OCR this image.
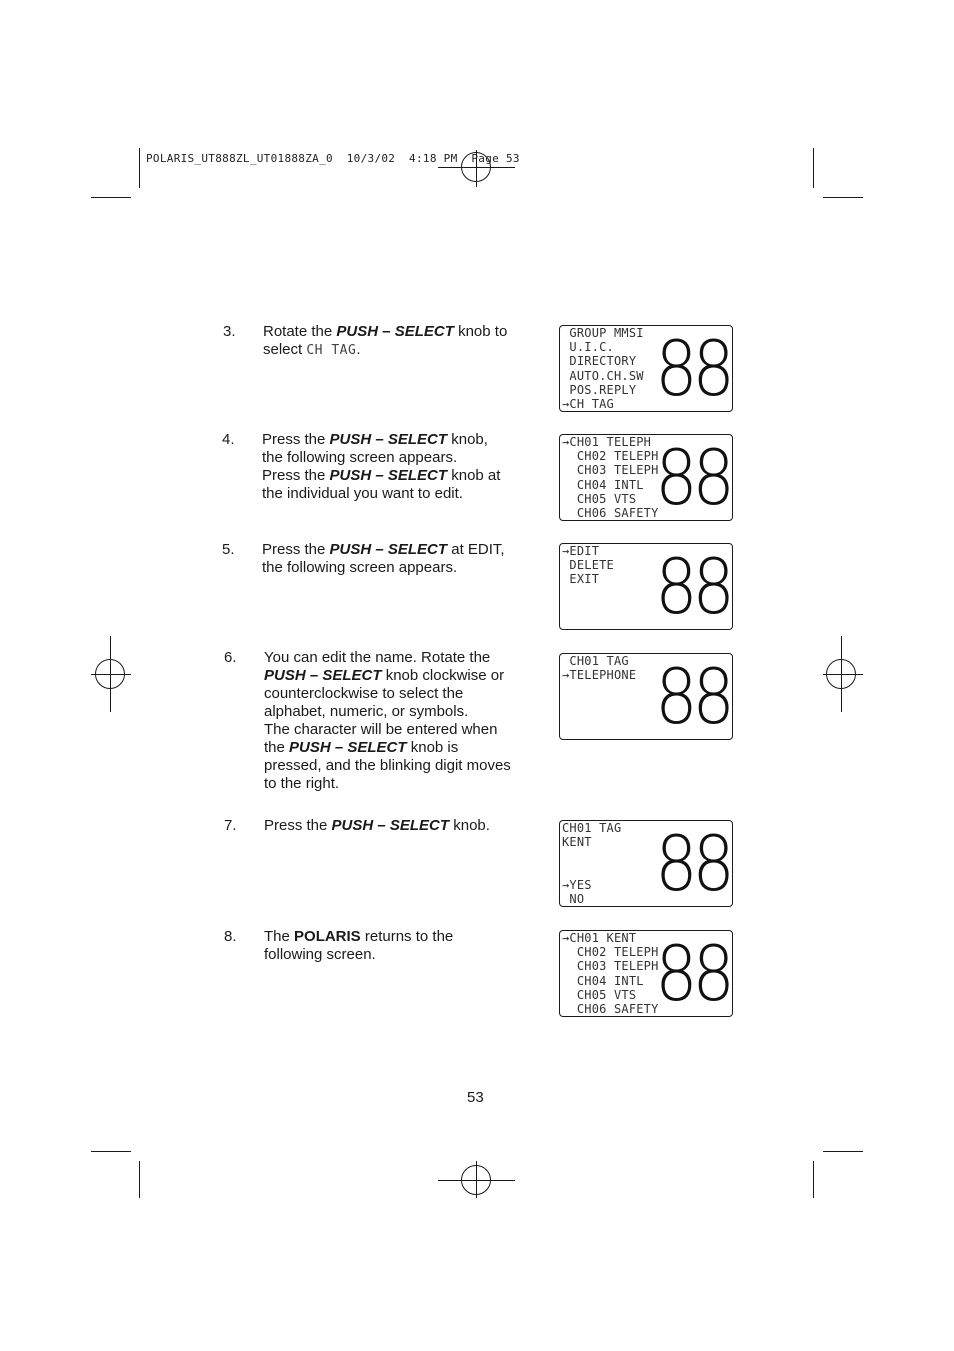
POLARIS_UT888ZL_UT01888ZA_0  10/3/02  4:18 PM  Page 53
3. Rotate the PUSH – SELECT knob to
select CH TAG.
4. Press the PUSH – SELECT knob,
the following screen appears.
Press the PUSH – SELECT knob at
the individual you want to edit.
5. Press the PUSH – SELECT at EDIT,
the following screen appears.
6. You can edit the name. Rotate the
PUSH – SELECT knob clockwise or
counterclockwise to select the
alphabet, numeric, or symbols.
The character will be entered when
the PUSH – SELECT knob is
pressed, and the blinking digit moves
to the right.
7. Press the PUSH – SELECT knob.
8. The POLARIS returns to the
following screen.
GROUP MMSI
U.I.C.
DIRECTORY
AUTO.CH.SW
POS.REPLY
→CH TAG 88
→CH01 TELEPH
CH02 TELEPH
CH03 TELEPH
CH04 INTL
CH05 VTS
CH06 SAFETY
88
→EDIT
DELETE
EXIT 88
CH01 TAG
→TELEPHONE 88
CH01 TAG
KENT

→YES
NO 88
→CH01 KENT
CH02 TELEPH
CH03 TELEPH
CH04 INTL
CH05 VTS
CH06 SAFETY
88
53
